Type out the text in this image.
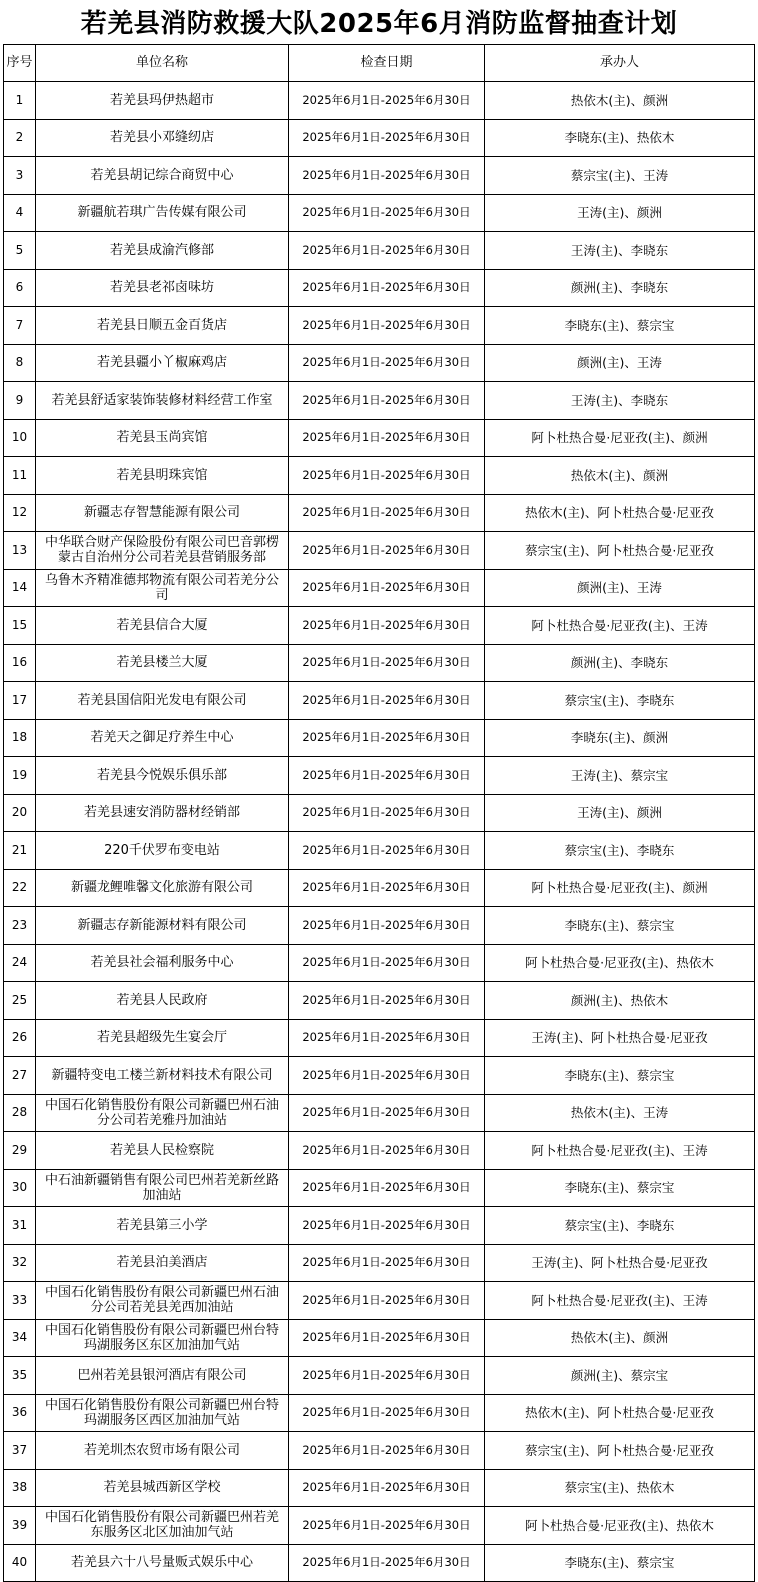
若羌县消防救援大队2025年6月消防监督抽查计划
序号	单位名称	检查日期	承办人
1	若羌县玛伊热超市	2025年6月1日-2025年6月30日	热依木(主)、颜洲
2	若羌县小邓缝纫店	2025年6月1日-2025年6月30日	李晓东(主)、热依木
3	若羌县胡记综合商贸中心	2025年6月1日-2025年6月30日	蔡宗宝(主)、王涛
4	新疆航若琪广告传媒有限公司	2025年6月1日-2025年6月30日	王涛(主)、颜洲
5	若羌县成渝汽修部	2025年6月1日-2025年6月30日	王涛(主)、李晓东
6	若羌县老祁卤味坊	2025年6月1日-2025年6月30日	颜洲(主)、李晓东
7	若羌县日顺五金百货店	2025年6月1日-2025年6月30日	李晓东(主)、蔡宗宝
8	若羌县疆小丫椒麻鸡店	2025年6月1日-2025年6月30日	颜洲(主)、王涛
9	若羌县舒适家装饰装修材料经营工作室	2025年6月1日-2025年6月30日	王涛(主)、李晓东
10	若羌县玉尚宾馆	2025年6月1日-2025年6月30日	阿卜杜热合曼·尼亚孜(主)、颜洲
11	若羌县明珠宾馆	2025年6月1日-2025年6月30日	热依木(主)、颜洲
12	新疆志存智慧能源有限公司	2025年6月1日-2025年6月30日	热依木(主)、阿卜杜热合曼·尼亚孜
13	中华联合财产保险股份有限公司巴音郭楞蒙古自治州分公司若羌县营销服务部	2025年6月1日-2025年6月30日	蔡宗宝(主)、阿卜杜热合曼·尼亚孜
14	乌鲁木齐精准德邦物流有限公司若羌分公司	2025年6月1日-2025年6月30日	颜洲(主)、王涛
15	若羌县信合大厦	2025年6月1日-2025年6月30日	阿卜杜热合曼·尼亚孜(主)、王涛
16	若羌县楼兰大厦	2025年6月1日-2025年6月30日	颜洲(主)、李晓东
17	若羌县国信阳光发电有限公司	2025年6月1日-2025年6月30日	蔡宗宝(主)、李晓东
18	若羌天之御足疗养生中心	2025年6月1日-2025年6月30日	李晓东(主)、颜洲
19	若羌县今悦娱乐俱乐部	2025年6月1日-2025年6月30日	王涛(主)、蔡宗宝
20	若羌县速安消防器材经销部	2025年6月1日-2025年6月30日	王涛(主)、颜洲
21	220千伏罗布变电站	2025年6月1日-2025年6月30日	蔡宗宝(主)、李晓东
22	新疆龙鲤唯馨文化旅游有限公司	2025年6月1日-2025年6月30日	阿卜杜热合曼·尼亚孜(主)、颜洲
23	新疆志存新能源材料有限公司	2025年6月1日-2025年6月30日	李晓东(主)、蔡宗宝
24	若羌县社会福利服务中心	2025年6月1日-2025年6月30日	阿卜杜热合曼·尼亚孜(主)、热依木
25	若羌县人民政府	2025年6月1日-2025年6月30日	颜洲(主)、热依木
26	若羌县超级先生宴会厅	2025年6月1日-2025年6月30日	王涛(主)、阿卜杜热合曼·尼亚孜
27	新疆特变电工楼兰新材料技术有限公司	2025年6月1日-2025年6月30日	李晓东(主)、蔡宗宝
28	中国石化销售股份有限公司新疆巴州石油分公司若羌雅丹加油站	2025年6月1日-2025年6月30日	热依木(主)、王涛
29	若羌县人民检察院	2025年6月1日-2025年6月30日	阿卜杜热合曼·尼亚孜(主)、王涛
30	中石油新疆销售有限公司巴州若羌新丝路加油站	2025年6月1日-2025年6月30日	李晓东(主)、蔡宗宝
31	若羌县第三小学	2025年6月1日-2025年6月30日	蔡宗宝(主)、李晓东
32	若羌县泊美酒店	2025年6月1日-2025年6月30日	王涛(主)、阿卜杜热合曼·尼亚孜
33	中国石化销售股份有限公司新疆巴州石油分公司若羌县羌西加油站	2025年6月1日-2025年6月30日	阿卜杜热合曼·尼亚孜(主)、王涛
34	中国石化销售股份有限公司新疆巴州台特玛湖服务区东区加油加气站	2025年6月1日-2025年6月30日	热依木(主)、颜洲
35	巴州若羌县银河酒店有限公司	2025年6月1日-2025年6月30日	颜洲(主)、蔡宗宝
36	中国石化销售股份有限公司新疆巴州台特玛湖服务区西区加油加气站	2025年6月1日-2025年6月30日	热依木(主)、阿卜杜热合曼·尼亚孜
37	若羌圳杰农贸市场有限公司	2025年6月1日-2025年6月30日	蔡宗宝(主)、阿卜杜热合曼·尼亚孜
38	若羌县城西新区学校	2025年6月1日-2025年6月30日	蔡宗宝(主)、热依木
39	中国石化销售股份有限公司新疆巴州若羌东服务区北区加油加气站	2025年6月1日-2025年6月30日	阿卜杜热合曼·尼亚孜(主)、热依木
40	若羌县六十八号量贩式娱乐中心	2025年6月1日-2025年6月30日	李晓东(主)、蔡宗宝
